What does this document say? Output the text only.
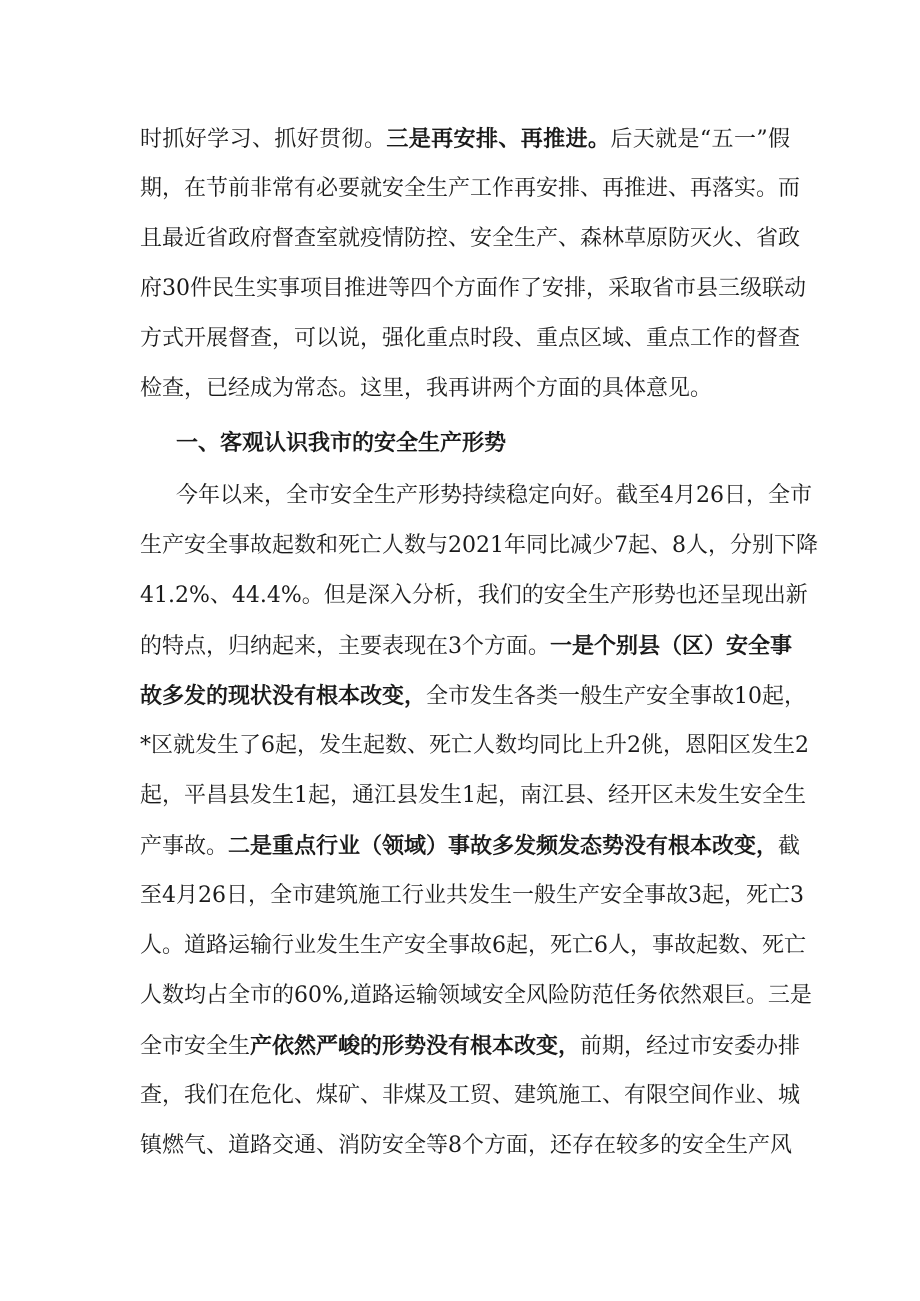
时抓好学习、抓好贯彻。三是再安排、再推进。后天就是“五一”假
期，在节前非常有必要就安全生产工作再安排、再推进、再落实。而
且最近省政府督查室就疫情防控、安全生产、森林草原防灭火、省政
府30件民生实事项目推进等四个方面作了安排，采取省市县三级联动
方式开展督查，可以说，强化重点时段、重点区域、重点工作的督查
检查，已经成为常态。这里，我再讲两个方面的具体意见。
一、客观认识我市的安全生产形势
今年以来，全市安全生产形势持续稳定向好。截至4月26日，全市
生产安全事故起数和死亡人数与2021年同比减少7起、8人，分别下降
41.2%、44.4%。但是深入分析，我们的安全生产形势也还呈现出新
的特点，归纳起来，主要表现在3个方面。一是个别县（区）安全事
故多发的现状没有根本改变，全市发生各类一般生产安全事故10起，
*区就发生了6起，发生起数、死亡人数均同比上升2佻，恩阳区发生2
起，平昌县发生1起，通江县发生1起，南江县、经开区未发生安全生
产事故。二是重点行业（领域）事故多发频发态势没有根本改变，截
至4月26日，全市建筑施工行业共发生一般生产安全事故3起，死亡3
人。道路运输行业发生生产安全事故6起，死亡6人，事故起数、死亡
人数均占全市的60%,道路运输领域安全风险防范任务依然艰巨。三是
全市安全生产依然严峻的形势没有根本改变，前期，经过市安委办排
查，我们在危化、煤矿、非煤及工贸、建筑施工、有限空间作业、城
镇燃气、道路交通、消防安全等8个方面，还存在较多的安全生产风
